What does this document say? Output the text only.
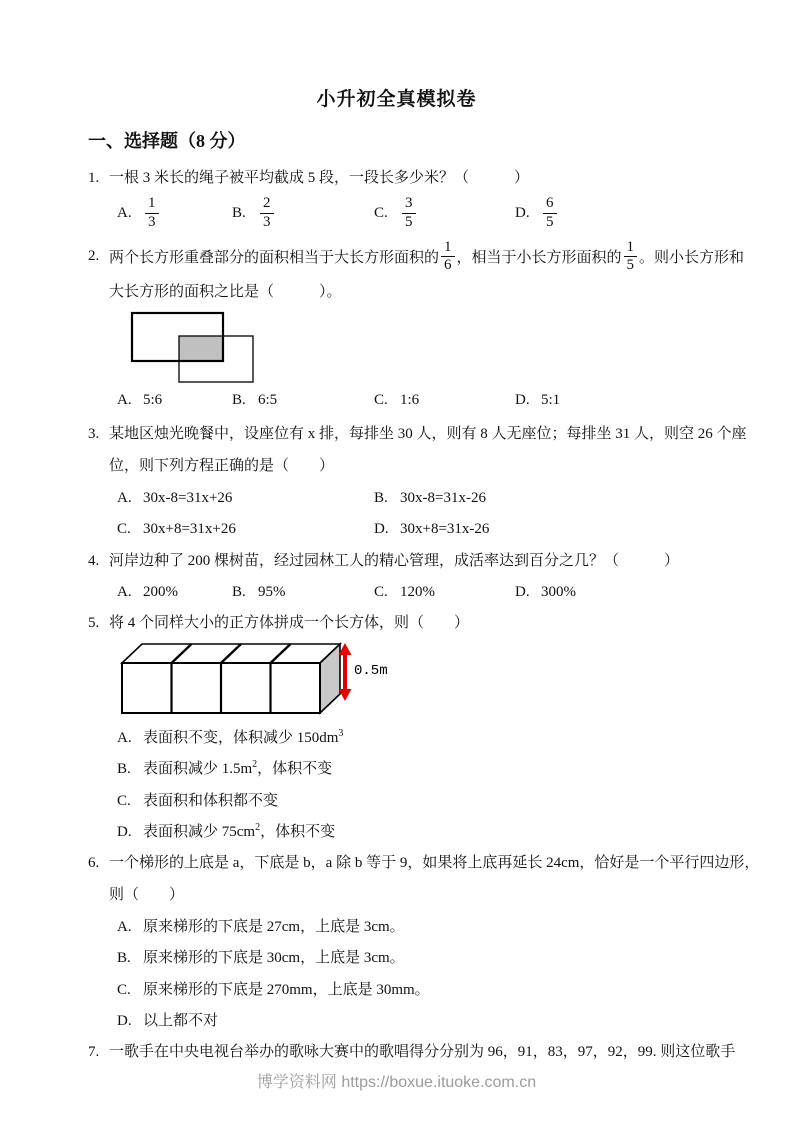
小升初全真模拟卷
一、选择题（8 分）
1. 一根 3 米长的绳子被平均截成 5 段，一段长多少米？（　　　）
A. $\frac{1}{3}$	B. $\frac{2}{3}$	C. $\frac{3}{5}$	D. $\frac{6}{5}$
2. 两个长方形重叠部分的面积相当于大长方形面积的 $\frac{1}{6}$ ，相当于小长方形面积的 $\frac{1}{5}$ 。则小长方形和
大长方形的面积之比是（　　　）。
A. 5:6	B. 6:5	C. 1:6	D. 5:1
3. 某地区烛光晚餐中，设座位有 x 排，每排坐 30 人，则有 8 人无座位；每排坐 31 人，则空 26 个座
位，则下列方程正确的是（　　）
A. 30x-8=31x+26	B. 30x-8=31x-26
C. 30x+8=31x+26	D. 30x+8=31x-26
4. 河岸边种了 200 棵树苗，经过园林工人的精心管理，成活率达到百分之几？（　　　）
A. 200%	B. 95%	C. 120%	D. 300%
5. 将 4 个同样大小的正方体拼成一个长方体，则（　　）
0.5m
A. 表面积不变，体积减少 $150dm^3$
B. 表面积减少 $1.5m^2$，体积不变
C. 表面积和体积都不变
D. 表面积减少 $75cm^2$，体积不变
6. 一个梯形的上底是 a，下底是 b，a 除 b 等于 9，如果将上底再延长 24cm，恰好是一个平行四边形，
则（　　）
A. 原来梯形的下底是 27cm，上底是 3cm。
B. 原来梯形的下底是 30cm，上底是 3cm。
C. 原来梯形的下底是 270mm，上底是 30mm。
D. 以上都不对
7. 一歌手在中央电视台举办的歌咏大赛中的歌唱得分分别为 96，91，83，97，92，99. 则这位歌手
博学资料网 https://boxue.ituoke.com.cn
